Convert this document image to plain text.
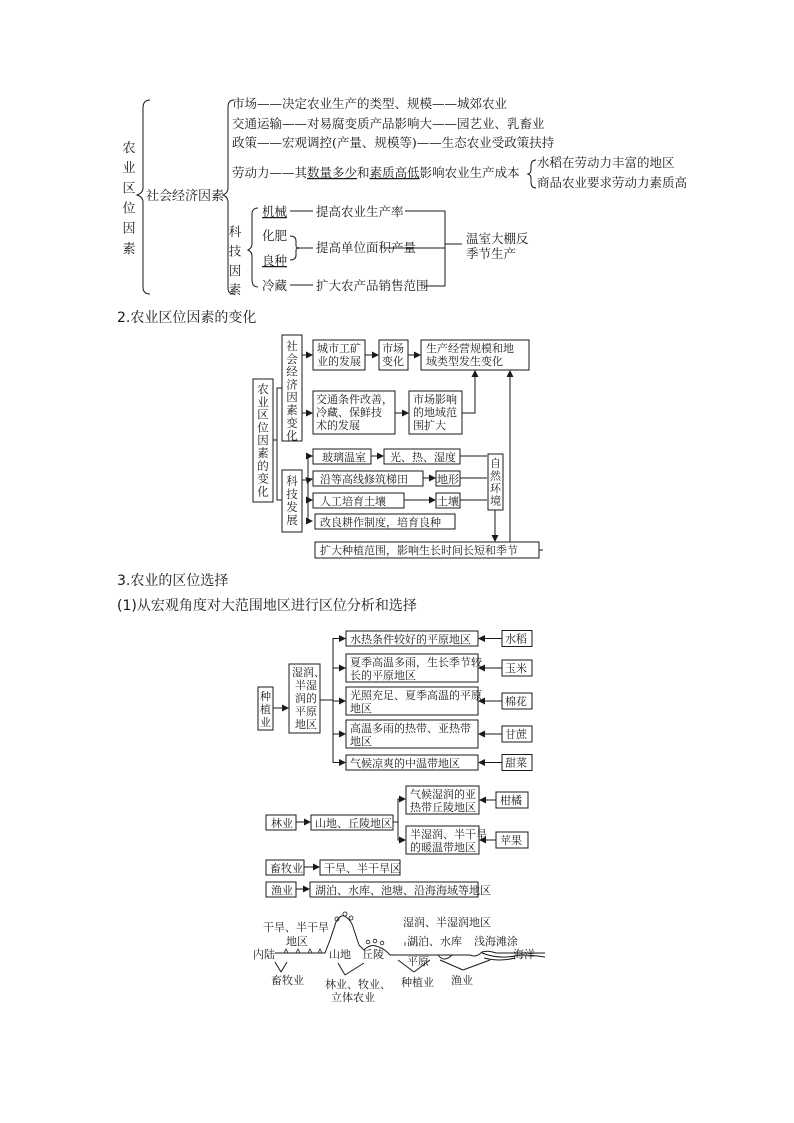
农业区位因素
社会经济因素
市场——决定农业生产的类型、规模——城郊农业
交通运输——对易腐变质产品影响大——园艺业、乳畜业
政策——宏观调控(产量、规模等)——生态农业受政策扶持
劳动力——其数量多少和素质高低影响农业生产成本
水稻在劳动力丰富的地区
商品农业要求劳动力素质高
科技因素
机械 提高农业生产率
化肥
良种
提高单位面积产量
冷藏 扩大农产品销售范围
温室大棚反
季节生产
2.农业区位因素的变化
农业区位因素的变化
社会经济因素变化
科技发展
城市工矿
业的发展
市场
变化
生产经营规模和地
域类型发生变化
交通条件改善，
冷藏、保鲜技
术的发展
市场影响
的地域范
围扩大
玻璃温室 光、热、湿度
沿等高线修筑梯田	地形
人工培育土壤	土壤
自然环境
改良耕作制度，培育良种
扩大种植范围，影响生长时间长短和季节
3.农业的区位选择
(1)从宏观角度对大范围地区进行区位分析和选择
种植业
湿润、
半湿
润的
平原
地区
水热条件较好的平原地区	水稻
夏季高温多雨，生长季节较
长的平原地区
玉米
光照充足、夏季高温的平原
地区
棉花
高温多雨的热带、亚热带
地区
甘蔗
气候凉爽的中温带地区	甜菜
林业 山地、丘陵地区
气候湿润的亚
热带丘陵地区
柑橘
半湿润、半干旱
的暖温带地区
苹果
畜牧业 干旱、半干旱区
渔业 湖泊、水库、池塘、沿海海域等地区
干旱、半干旱
地区
内陆	山地 丘陵
湿润、半湿润地区
湖泊、水库 浅海滩涂
平原
海洋
畜牧业 林业、牧业、
立体农业
种植业 渔业
